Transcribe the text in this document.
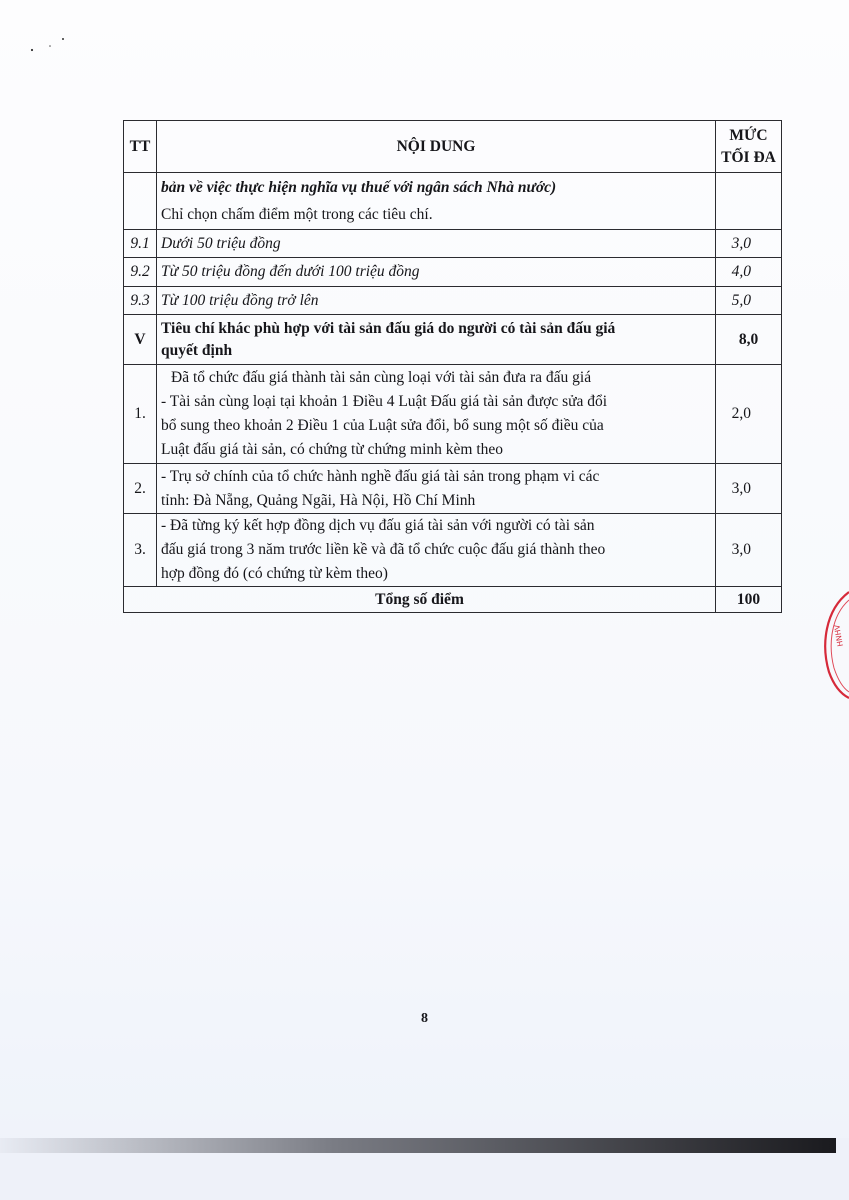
TT	NỘI DUNG	MỨC
TỐI ĐA

	bản về việc thực hiện nghĩa vụ thuế với ngân sách Nhà nước)
Chỉ chọn chấm điểm một trong các tiêu chí.	

9.1	Dưới 50 triệu đồng	3,0
9.2	Từ 50 triệu đồng đến dưới 100 triệu đồng	4,0
9.3	Từ 100 triệu đồng trở lên	5,0
V	Tiêu chí khác phù hợp với tài sản đấu giá do người có tài sản đấu giá
quyết định	8,0
1.	Đã tổ chức đấu giá thành tài sản cùng loại với tài sản đưa ra đấu giá
- Tài sản cùng loại tại khoản 1 Điều 4 Luật Đấu giá tài sản được sửa đổi
bổ sung theo khoản 2 Điều 1 của Luật sửa đổi, bổ sung một số điều của
Luật đấu giá tài sản, có chứng từ chứng minh kèm theo	2,0
2.	- Trụ sở chính của tổ chức hành nghề đấu giá tài sản trong phạm vi các
tỉnh: Đà Nẵng, Quảng Ngãi, Hà Nội, Hồ Chí Minh	3,0
3.	- Đã từng ký kết hợp đồng dịch vụ đấu giá tài sản với người có tài sản
đấu giá trong 3 năm trước liền kề và đã tổ chức cuộc đấu giá thành theo
hợp đồng đó (có chứng từ kèm theo)	3,0
Tổng số điểm		100
8
HNHV
